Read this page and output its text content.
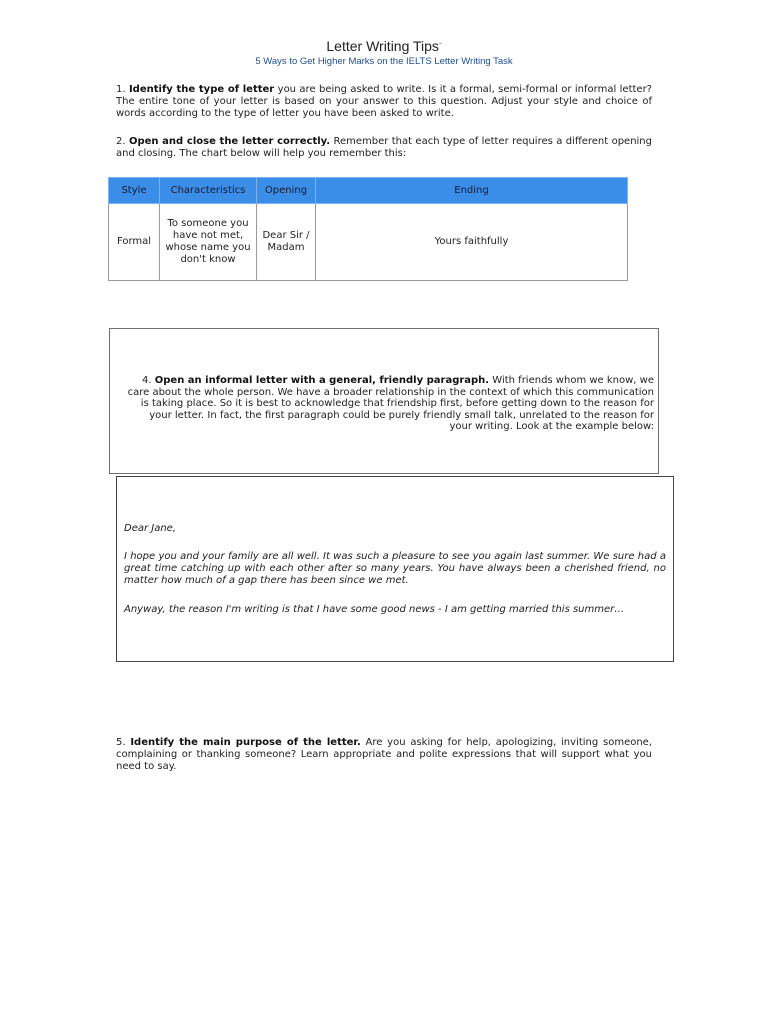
Letter Writing Tips-
5 Ways to Get Higher Marks on the IELTS Letter Writing Task
1. Identify the type of letter you are being asked to write. Is it a formal, semi-formal or informal letter? The entire tone of your letter is based on your answer to this question. Adjust your style and choice of words according to the type of letter you have been asked to write.
2. Open and close the letter correctly. Remember that each type of letter requires a different opening and closing. The chart below will help you remember this:
Style	Characteristics	Opening	Ending
Formal	To someone you have not met, whose name you don't know	Dear Sir / Madam	Yours faithfully
4. Open an informal letter with a general, friendly paragraph. With friends whom we know, we care about the whole person. We have a broader relationship in the context of which this communication is taking place. So it is best to acknowledge that friendship first, before getting down to the reason for your letter. In fact, the first paragraph could be purely friendly small talk, unrelated to the reason for your writing. Look at the example below:

Dear Jane,

I hope you and your family are all well. It was such a pleasure to see you again last summer. We sure had a great time catching up with each other after so many years. You have always been a cherished friend, no matter how much of a gap there has been since we met.

Anyway, the reason I'm writing is that I have some good news - I am getting married this summer…

5. Identify the main purpose of the letter. Are you asking for help, apologizing, inviting someone, complaining or thanking someone? Learn appropriate and polite expressions that will support what you need to say.
